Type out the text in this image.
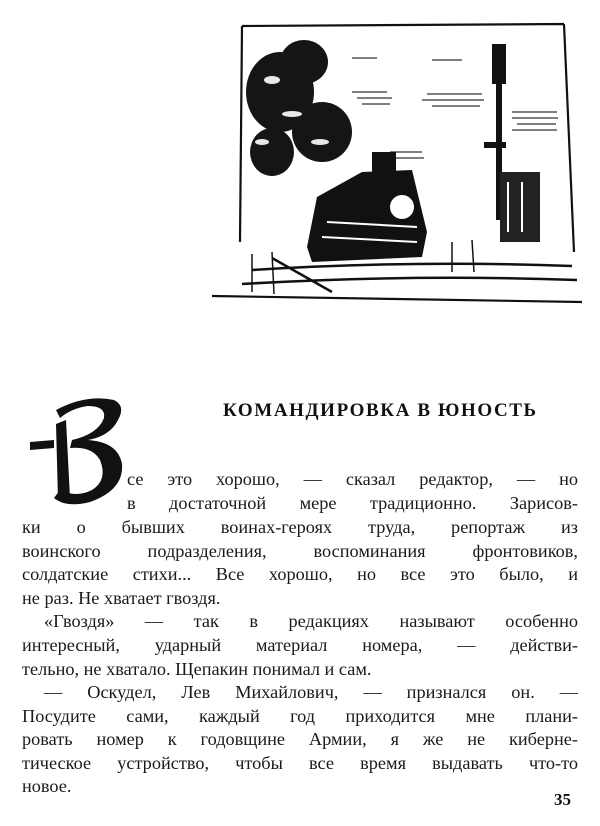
КОМАНДИРОВКА В ЮНОСТЬ
се это хорошо, — сказал редактор, — но
в достаточной мере традиционно. Зарисов-
ки о бывших воинах-героях труда, репортаж из
воинского подразделения, воспоминания фронтовиков,
солдатские стихи... Все хорошо, но все это было, и
не раз. Не хватает гвоздя.
«Гвоздя» — так в редакциях называют особенно
интересный, ударный материал номера, — действи-
тельно, не хватало. Щепакин понимал и сам.
— Оскудел, Лев Михайлович, — признался он. —
Посудите сами, каждый год приходится мне плани-
ровать номер к годовщине Армии, я же не киберне-
тическое устройство, чтобы все время выдавать что-то
новое.
35
